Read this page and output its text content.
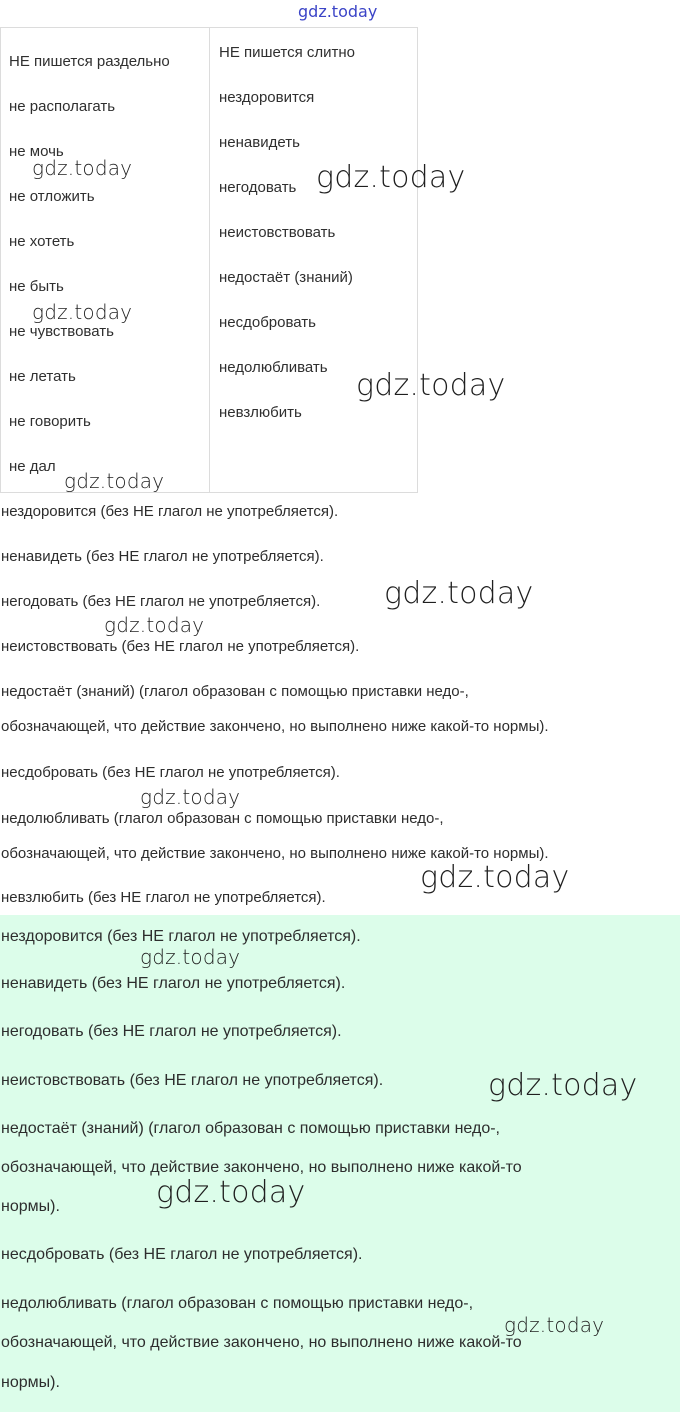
gdz.today
НЕ пишется раздельно
не располагать
не мочь
не отложить
не хотеть
не быть
не чувствовать
не летать
не говорить
не дал
НЕ пишется слитно
нездоровится
ненавидеть
негодовать
неистовствовать
недостаёт (знаний)
несдобровать
недолюбливать
невзлюбить
нездоровится (без НЕ глагол не употребляется).
ненавидеть (без НЕ глагол не употребляется).
негодовать (без НЕ глагол не употребляется).
неистовствовать (без НЕ глагол не употребляется).
недостаёт (знаний) (глагол образован с помощью приставки недо-,
обозначающей, что действие закончено, но выполнено ниже какой-то нормы).
несдобровать (без НЕ глагол не употребляется).
недолюбливать (глагол образован с помощью приставки недо-,
обозначающей, что действие закончено, но выполнено ниже какой-то нормы).
невзлюбить (без НЕ глагол не употребляется).
нездоровится (без НЕ глагол не употребляется).
ненавидеть (без НЕ глагол не употребляется).
негодовать (без НЕ глагол не употребляется).
неистовствовать (без НЕ глагол не употребляется).
недостаёт (знаний) (глагол образован с помощью приставки недо-,
обозначающей, что действие закончено, но выполнено ниже какой-то
нормы).
несдобровать (без НЕ глагол не употребляется).
недолюбливать (глагол образован с помощью приставки недо-,
обозначающей, что действие закончено, но выполнено ниже какой-то
нормы).
gdz.today	gdz.today
gdz.today
gdz.today
gdz.today
gdz.today
gdz.today
gdz.today
gdz.today
gdz.today
gdz.today
gdz.today
gdz.today
